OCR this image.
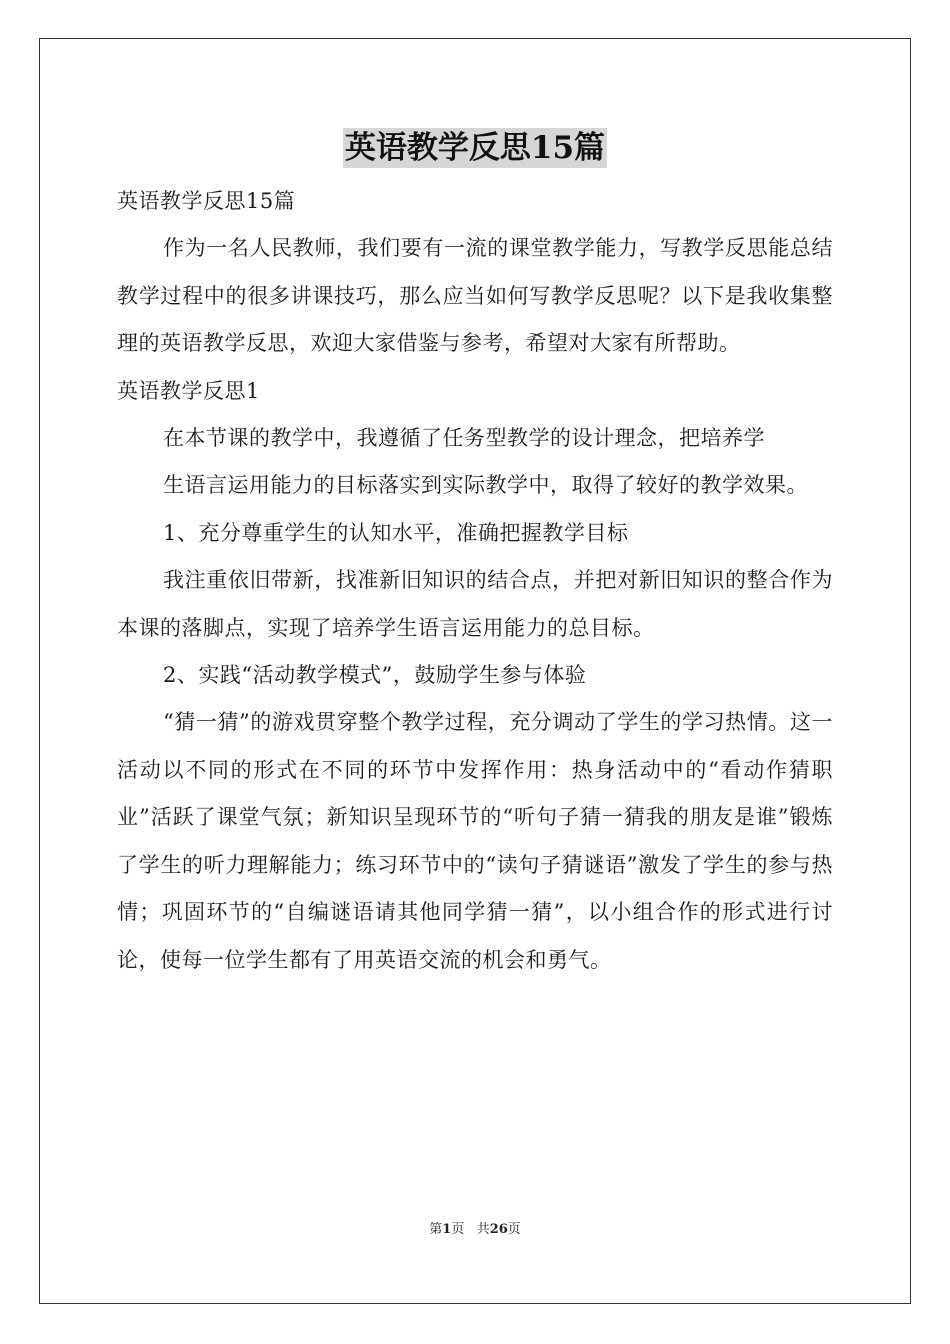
英语教学反思15篇

英语教学反思15篇

作为一名人民教师，我们要有一流的课堂教学能力，写教学反思能总结教学过程中的很多讲课技巧，那么应当如何写教学反思呢？以下是我收集整理的英语教学反思，欢迎大家借鉴与参考，希望对大家有所帮助。

英语教学反思1

在本节课的教学中，我遵循了任务型教学的设计理念，把培养学

生语言运用能力的目标落实到实际教学中，取得了较好的教学效果。

1、充分尊重学生的认知水平，准确把握教学目标

我注重依旧带新，找准新旧知识的结合点，并把对新旧知识的整合作为本课的落脚点，实现了培养学生语言运用能力的总目标。

2、实践“活动教学模式”，鼓励学生参与体验

“猜一猜”的游戏贯穿整个教学过程，充分调动了学生的学习热情。这一活动以不同的形式在不同的环节中发挥作用：热身活动中的“看动作猜职业”活跃了课堂气氛；新知识呈现环节的“听句子猜一猜我的朋友是谁”锻炼了学生的听力理解能力；练习环节中的“读句子猜谜语”激发了学生的参与热情；巩固环节的“自编谜语请其他同学猜一猜”，以小组合作的形式进行讨论，使每一位学生都有了用英语交流的机会和勇气。

第1页 共26页
